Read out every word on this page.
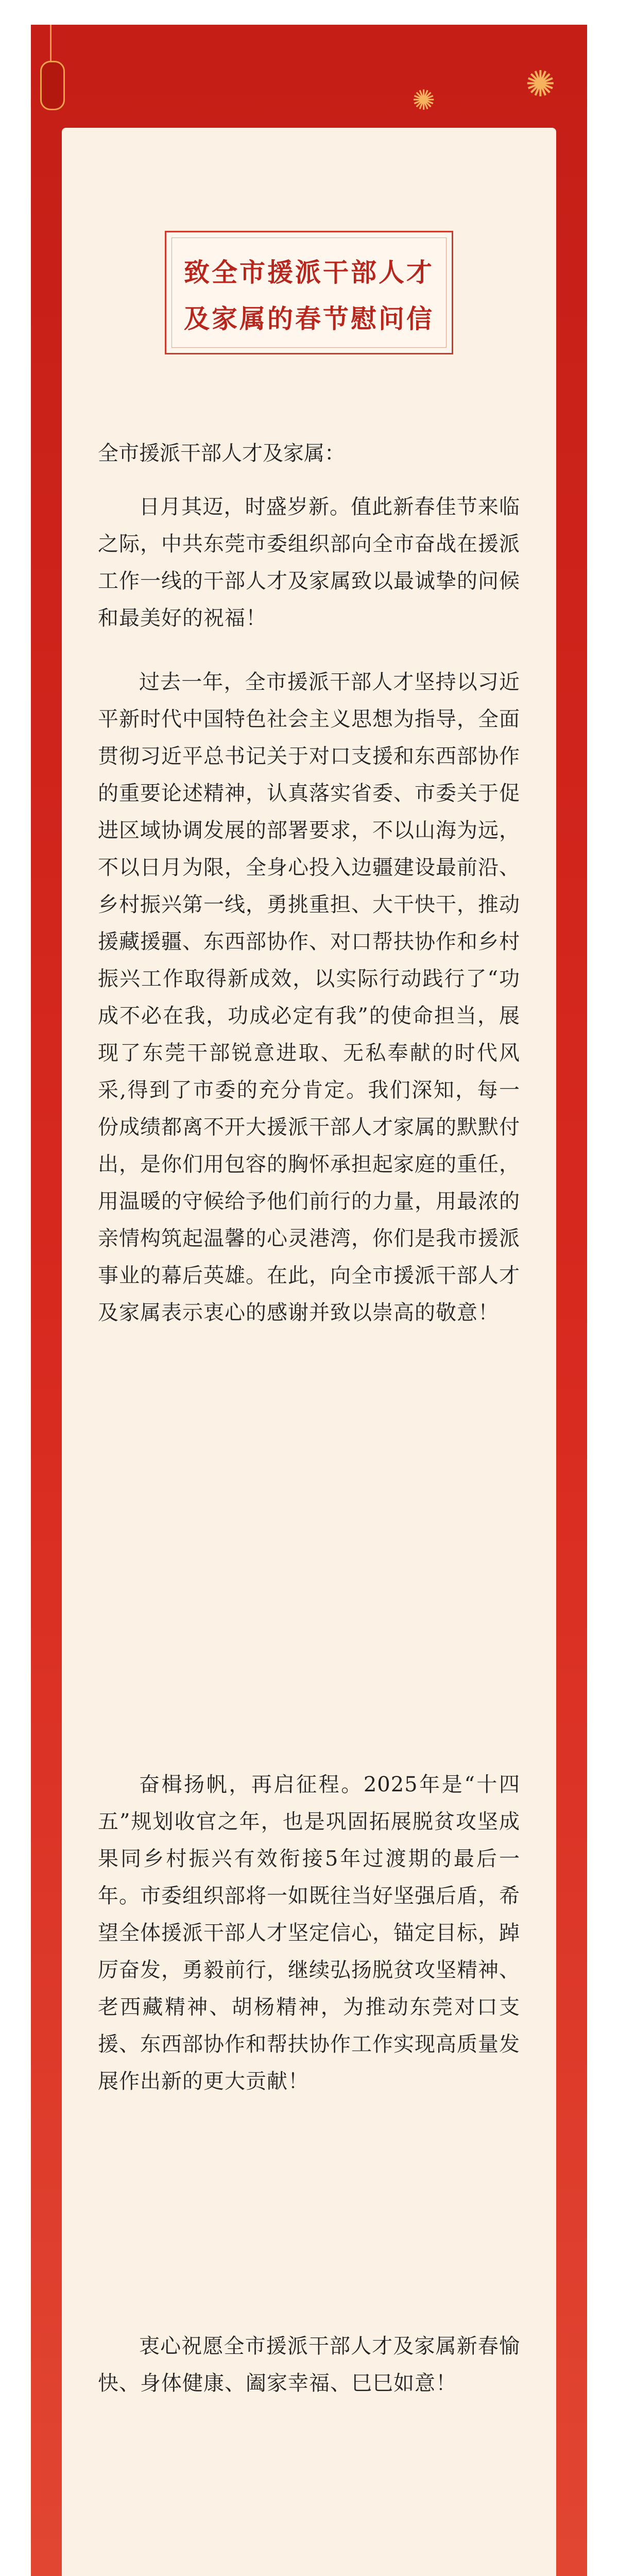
✺ ✺
致全市援派干部人才
及家属的春节慰问信
全市援派干部人才及家属：

日月其迈，时盛岁新。值此新春佳节来临之际，中共东莞市委组织部向全市奋战在援派工作一线的干部人才及家属致以最诚挚的问候和最美好的祝福！

过去一年，全市援派干部人才坚持以习近平新时代中国特色社会主义思想为指导，全面贯彻习近平总书记关于对口支援和东西部协作的重要论述精神，认真落实省委、市委关于促进区域协调发展的部署要求，不以山海为远，不以日月为限，全身心投入边疆建设最前沿、乡村振兴第一线，勇挑重担、大干快干，推动援藏援疆、东西部协作、对口帮扶协作和乡村振兴工作取得新成效，以实际行动践行了“功成不必在我，功成必定有我”的使命担当，展现了东莞干部锐意进取、无私奉献的时代风采,得到了市委的充分肯定。我们深知，每一份成绩都离不开大援派干部人才家属的默默付出，是你们用包容的胸怀承担起家庭的重任，用温暖的守候给予他们前行的力量，用最浓的亲情构筑起温馨的心灵港湾，你们是我市援派事业的幕后英雄。在此，向全市援派干部人才及家属表示衷心的感谢并致以崇高的敬意！

奋楫扬帆，再启征程。2025年是“十四五”规划收官之年，也是巩固拓展脱贫攻坚成果同乡村振兴有效衔接5年过渡期的最后一年。市委组织部将一如既往当好坚强后盾，希望全体援派干部人才坚定信心，锚定目标，踔厉奋发，勇毅前行，继续弘扬脱贫攻坚精神、老西藏精神、胡杨精神，为推动东莞对口支援、东西部协作和帮扶协作工作实现高质量发展作出新的更大贡献！

衷心祝愿全市援派干部人才及家属新春愉快、身体健康、阖家幸福、巳巳如意！
